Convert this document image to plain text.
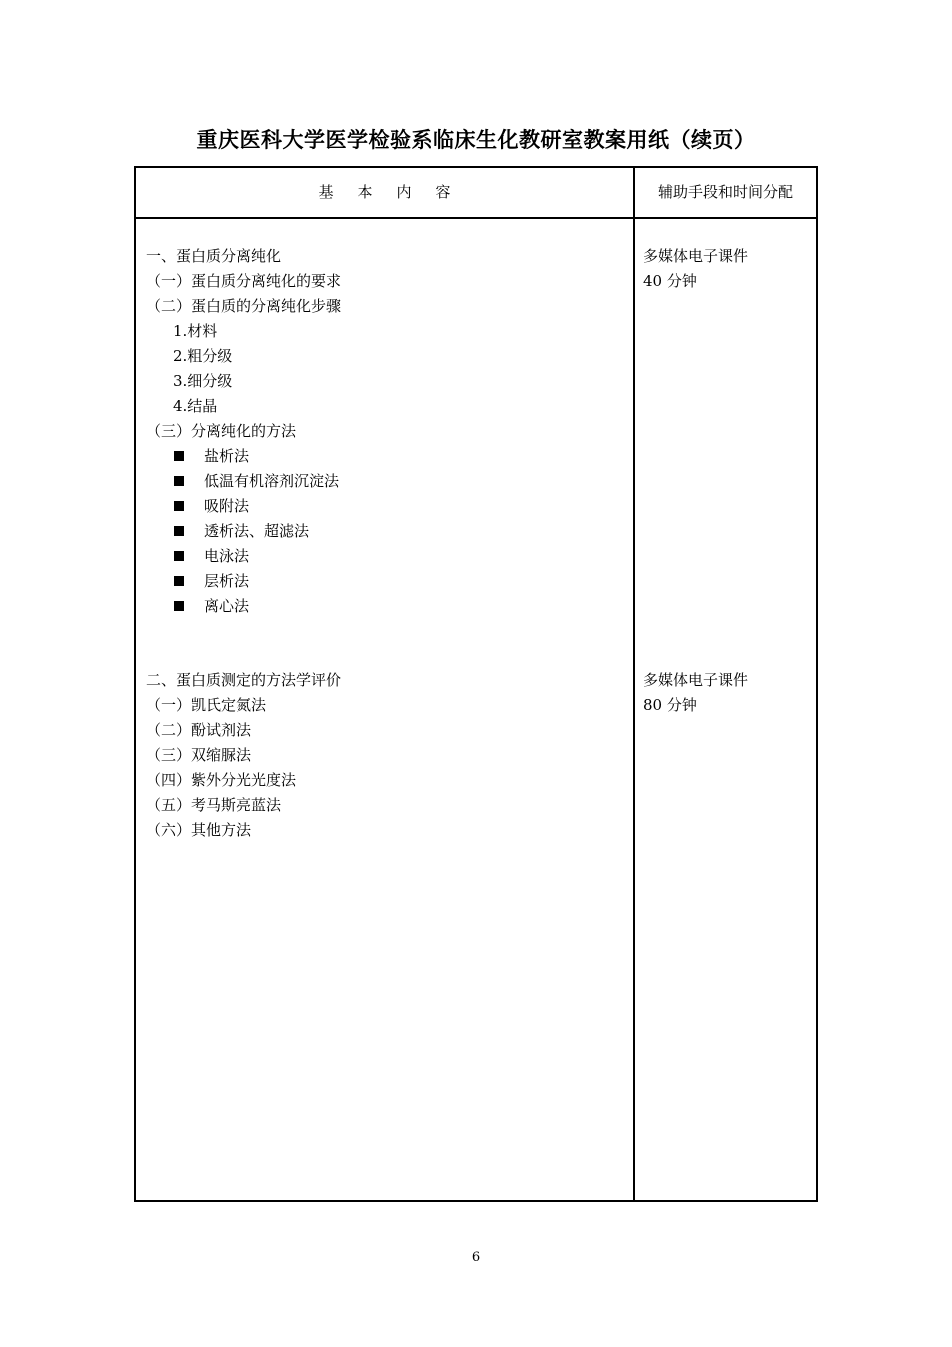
重庆医科大学医学检验系临床生化教研室教案用纸（续页）
基本内容	辅助手段和时间分配
一、蛋白质分离纯化
（一）蛋白质分离纯化的要求
（二）蛋白质的分离纯化步骤
1.材料
2.粗分级
3.细分级
4.结晶
（三）分离纯化的方法
盐析法
低温有机溶剂沉淀法
吸附法
透析法、超滤法
电泳法
层析法
离心法
多媒体电子课件
40 分钟
二、蛋白质测定的方法学评价
（一）凯氏定氮法
（二）酚试剂法
（三）双缩脲法
（四）紫外分光光度法
（五）考马斯亮蓝法
（六）其他方法
多媒体电子课件
80 分钟
6
